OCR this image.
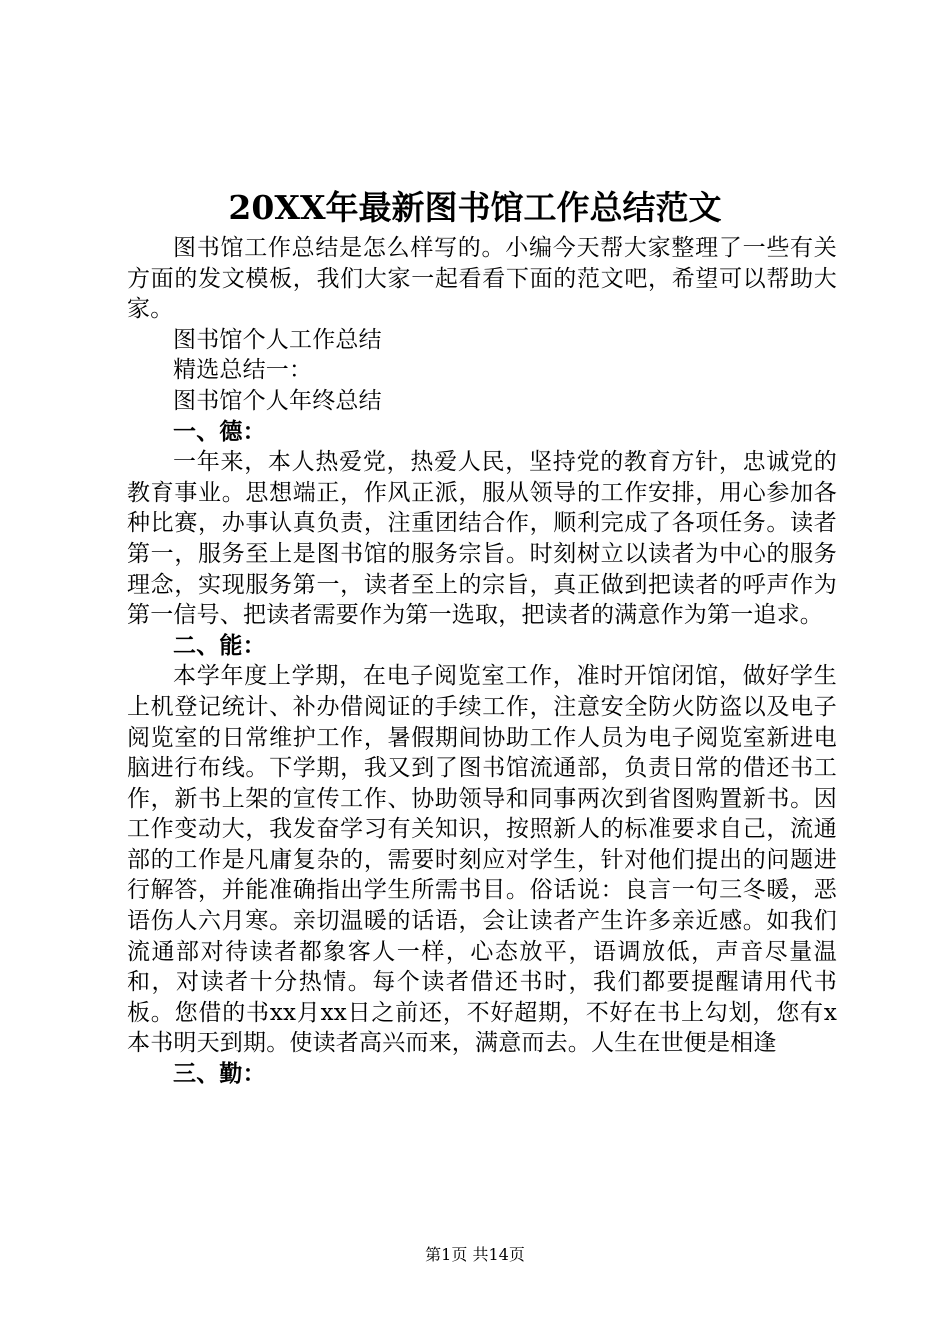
20XX年最新图书馆工作总结范文

图书馆工作总结是怎么样写的。小编今天帮大家整理了一些有关方面的发文模板，我们大家一起看看下面的范文吧，希望可以帮助大家。

图书馆个人工作总结

精选总结一：

图书馆个人年终总结

一、德：

一年来，本人热爱党，热爱人民，坚持党的教育方针，忠诚党的教育事业。思想端正，作风正派，服从领导的工作安排，用心参加各种比赛，办事认真负责，注重团结合作，顺利完成了各项任务。读者第一，服务至上是图书馆的服务宗旨。时刻树立以读者为中心的服务理念，实现服务第一，读者至上的宗旨，真正做到把读者的呼声作为第一信号、把读者需要作为第一选取，把读者的满意作为第一追求。

二、能：

本学年度上学期，在电子阅览室工作，准时开馆闭馆，做好学生上机登记统计、补办借阅证的手续工作，注意安全防火防盗以及电子阅览室的日常维护工作，暑假期间协助工作人员为电子阅览室新进电脑进行布线。下学期，我又到了图书馆流通部，负责日常的借还书工作，新书上架的宣传工作、协助领导和同事两次到省图购置新书。因工作变动大，我发奋学习有关知识，按照新人的标准要求自己，流通部的工作是凡庸复杂的，需要时刻应对学生，针对他们提出的问题进行解答，并能准确指出学生所需书目。俗话说：良言一句三冬暖，恶语伤人六月寒。亲切温暖的话语，会让读者产生许多亲近感。如我们流通部对待读者都象客人一样，心态放平，语调放低，声音尽量温和，对读者十分热情。每个读者借还书时，我们都要提醒请用代书板。您借的书xx月xx日之前还，不好超期，不好在书上勾划，您有x本书明天到期。使读者高兴而来，满意而去。人生在世便是相逢

三、勤：

第1页 共14页
